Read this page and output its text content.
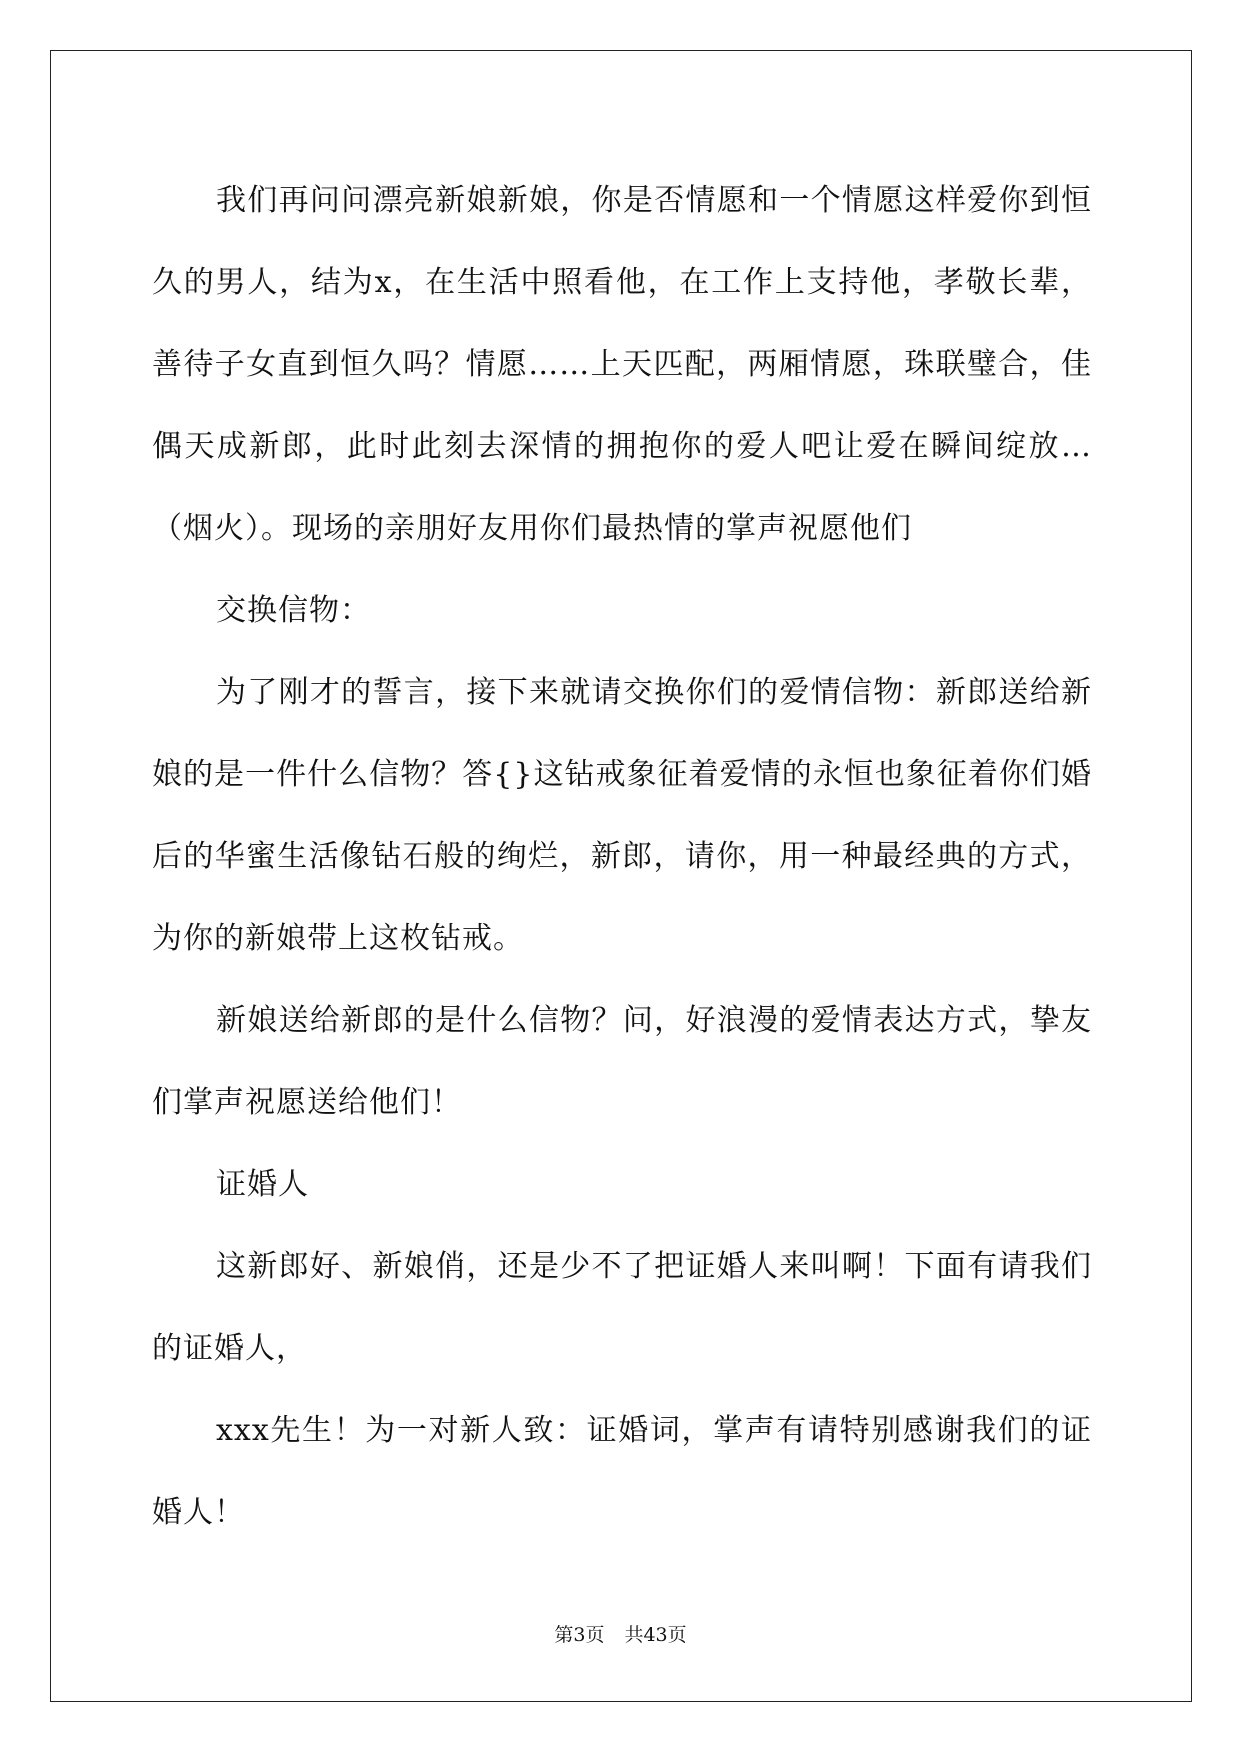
我们再问问漂亮新娘新娘，你是否情愿和一个情愿这样爱你到恒久的男人，结为x，在生活中照看他，在工作上支持他，孝敬长辈，善待子女直到恒久吗？情愿……上天匹配，两厢情愿，珠联璧合，佳偶天成新郎，此时此刻去深情的拥抱你的爱人吧让爱在瞬间绽放…（烟火）。现场的亲朋好友用你们最热情的掌声祝愿他们

交换信物：

为了刚才的誓言，接下来就请交换你们的爱情信物：新郎送给新娘的是一件什么信物？答{}这钻戒象征着爱情的永恒也象征着你们婚后的华蜜生活像钻石般的绚烂，新郎，请你，用一种最经典的方式，为你的新娘带上这枚钻戒。

新娘送给新郎的是什么信物？问，好浪漫的爱情表达方式，挚友们掌声祝愿送给他们！

证婚人

这新郎好、新娘俏，还是少不了把证婚人来叫啊！下面有请我们的证婚人，

xxx先生！为一对新人致：证婚词，掌声有请特别感谢我们的证婚人！

第3页 共43页
